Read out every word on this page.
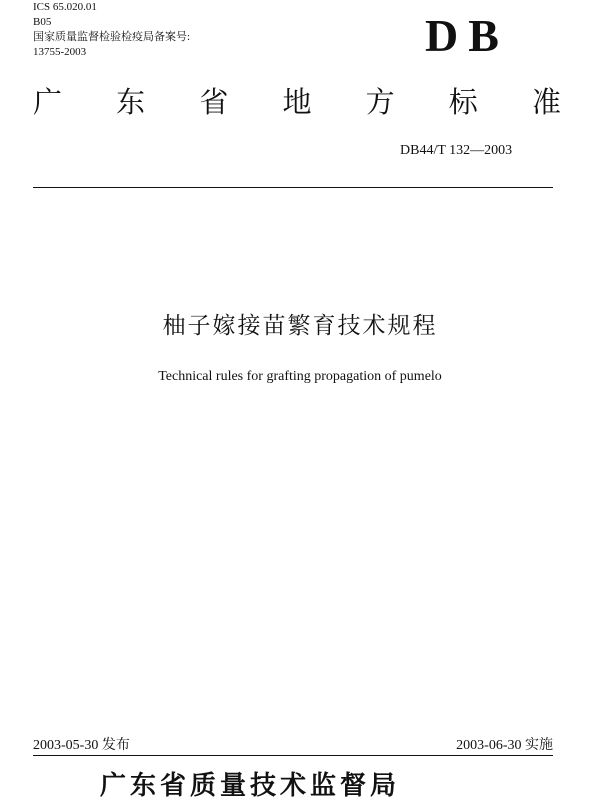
ICS 65.020.01
B05
国家质量监督检验检疫局备案号:
13755-2003	DB
广 东 省 地 方 标 准
DB44/T 132—2003
柚子嫁接苗繁育技术规程
Technical rules for grafting propagation of pumelo
2003-05-30 发布	2003-06-30 实施
广东省质量技术监督局
